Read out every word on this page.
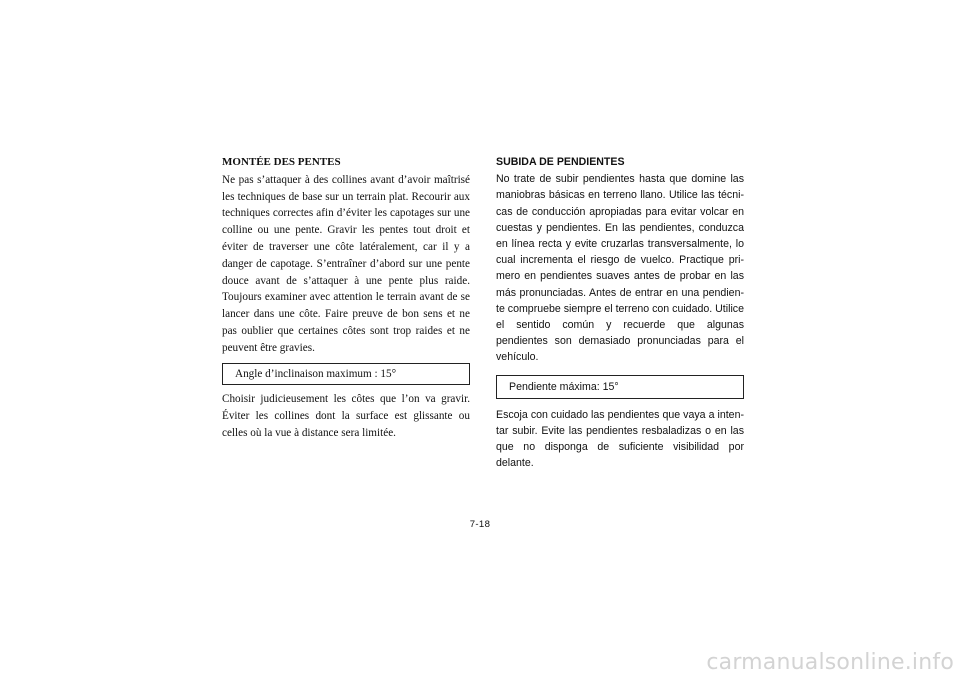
MONTÉE DES PENTES

Ne pas s’attaquer à des collines avant d’avoir maîtrisé les techniques de base sur un terrain plat. Recourir aux techniques correctes afin d’éviter les capotages sur une colline ou une pente. Gravir les pentes tout droit et éviter de traverser une côte latéralement, car il y a danger de capotage. S’entraîner d’abord sur une pente douce avant de s’attaquer à une pente plus raide. Toujours examiner avec attention le terrain avant de se lancer dans une côte. Faire preuve de bon sens et ne pas oublier que certaines côtes sont trop raides et ne peuvent être gravies.

Angle d’inclinaison maximum : 15°

Choisir judicieusement les côtes que l’on va gravir. Éviter les collines dont la surface est glissante ou celles où la vue à distance sera limitée.

SUBIDA DE PENDIENTES

No trate de subir pendientes hasta que domine las maniobras básicas en terreno llano. Utilice las técnicas de conducción apropiadas para evitar volcar en cuestas y pendientes. En las pendientes, conduzca en línea recta y evite cruzarlas transversalmente, lo cual incrementa el riesgo de vuelco. Practique primero en pendientes suaves antes de probar en las más pronunciadas. Antes de entrar en una pendiente compruebe siempre el terreno con cuidado. Utilice el sentido común y recuerde que algunas pendientes son demasiado pronunciadas para el vehículo.

Pendiente máxima: 15°

Escoja con cuidado las pendientes que vaya a intentar subir. Evite las pendientes resbaladizas o en las que no disponga de suficiente visibilidad por delante.

7-18
carmanualsonline.info
